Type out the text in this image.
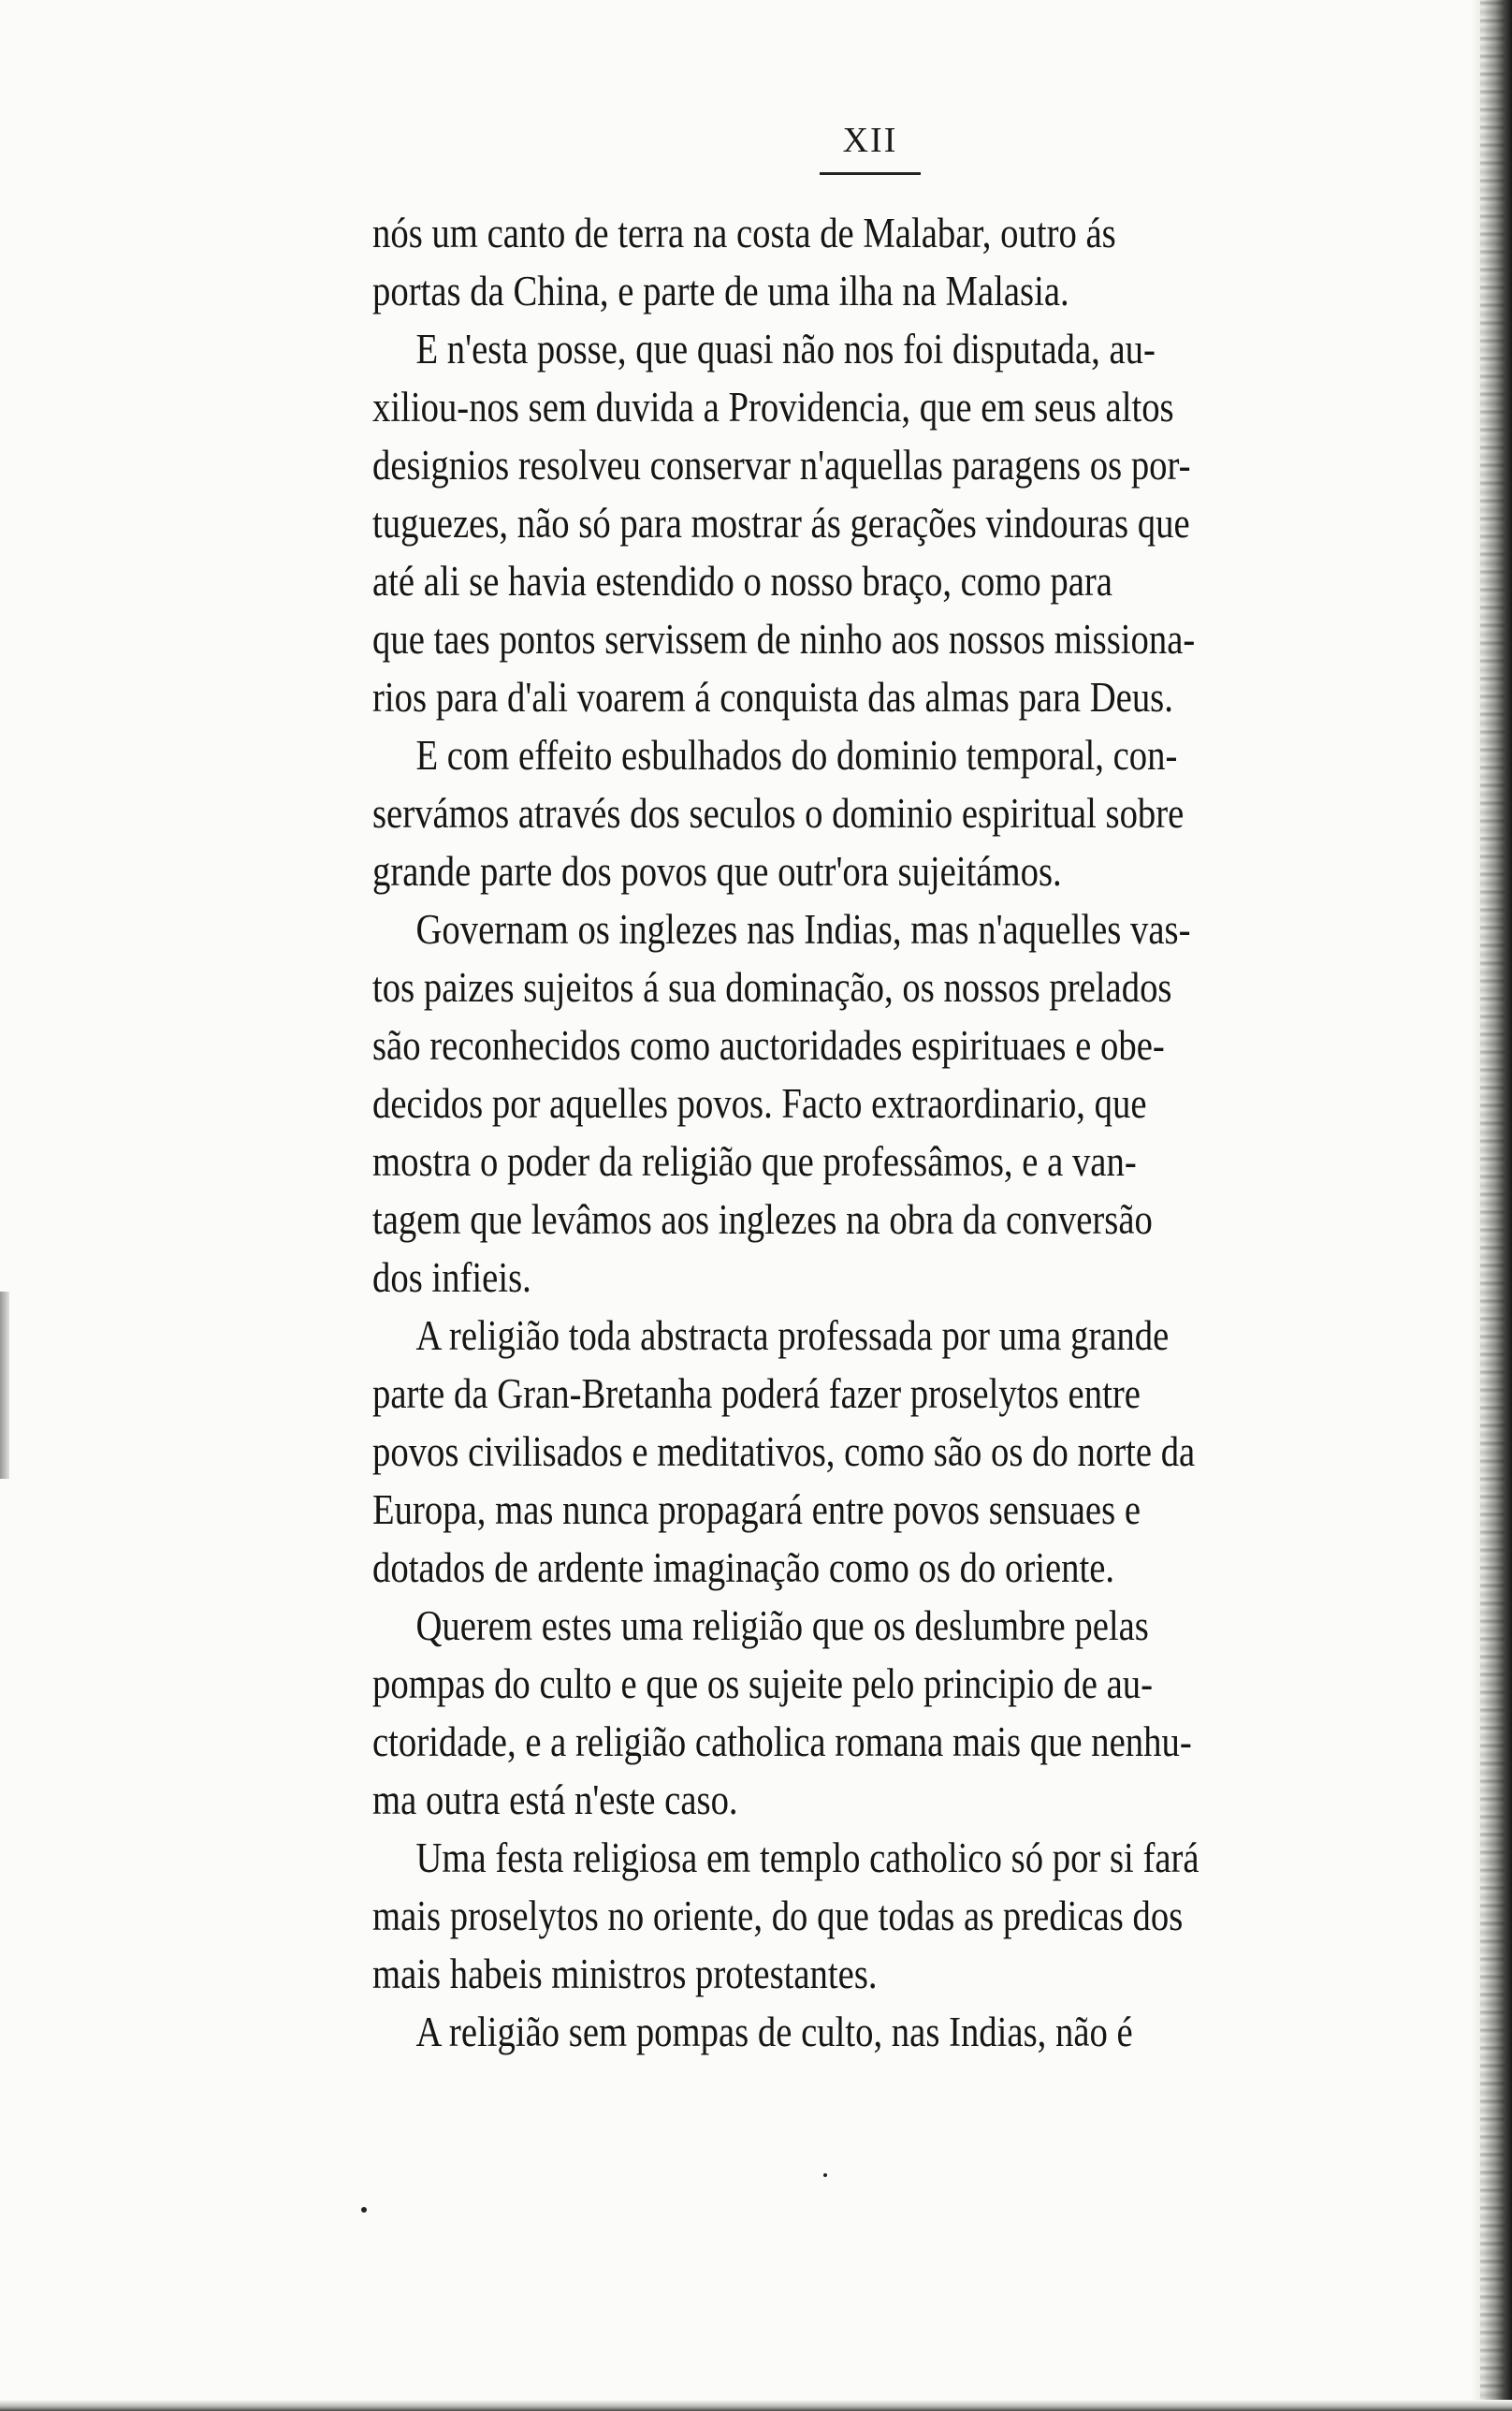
XII
nós um canto de terra na costa de Malabar, outro ás
portas da China, e parte de uma ilha na Malasia.
E n'esta posse, que quasi não nos foi disputada, au-
xiliou-nos sem duvida a Providencia, que em seus altos
designios resolveu conservar n'aquellas paragens os por-
tuguezes, não só para mostrar ás gerações vindouras que
até ali se havia estendido o nosso braço, como para
que taes pontos servissem de ninho aos nossos missiona-
rios para d'ali voarem á conquista das almas para Deus.
E com effeito esbulhados do dominio temporal, con-
servámos através dos seculos o dominio espiritual sobre
grande parte dos povos que outr'ora sujeitámos.
Governam os inglezes nas Indias, mas n'aquelles vas-
tos paizes sujeitos á sua dominação, os nossos prelados
são reconhecidos como auctoridades espirituaes e obe-
decidos por aquelles povos. Facto extraordinario, que
mostra o poder da religião que professâmos, e a van-
tagem que levâmos aos inglezes na obra da conversão
dos infieis.
A religião toda abstracta professada por uma grande
parte da Gran-Bretanha poderá fazer proselytos entre
povos civilisados e meditativos, como são os do norte da
Europa, mas nunca propagará entre povos sensuaes e
dotados de ardente imaginação como os do oriente.
Querem estes uma religião que os deslumbre pelas
pompas do culto e que os sujeite pelo principio de au-
ctoridade, e a religião catholica romana mais que nenhu-
ma outra está n'este caso.
Uma festa religiosa em templo catholico só por si fará
mais proselytos no oriente, do que todas as predicas dos
mais habeis ministros protestantes.
A religião sem pompas de culto, nas Indias, não é
